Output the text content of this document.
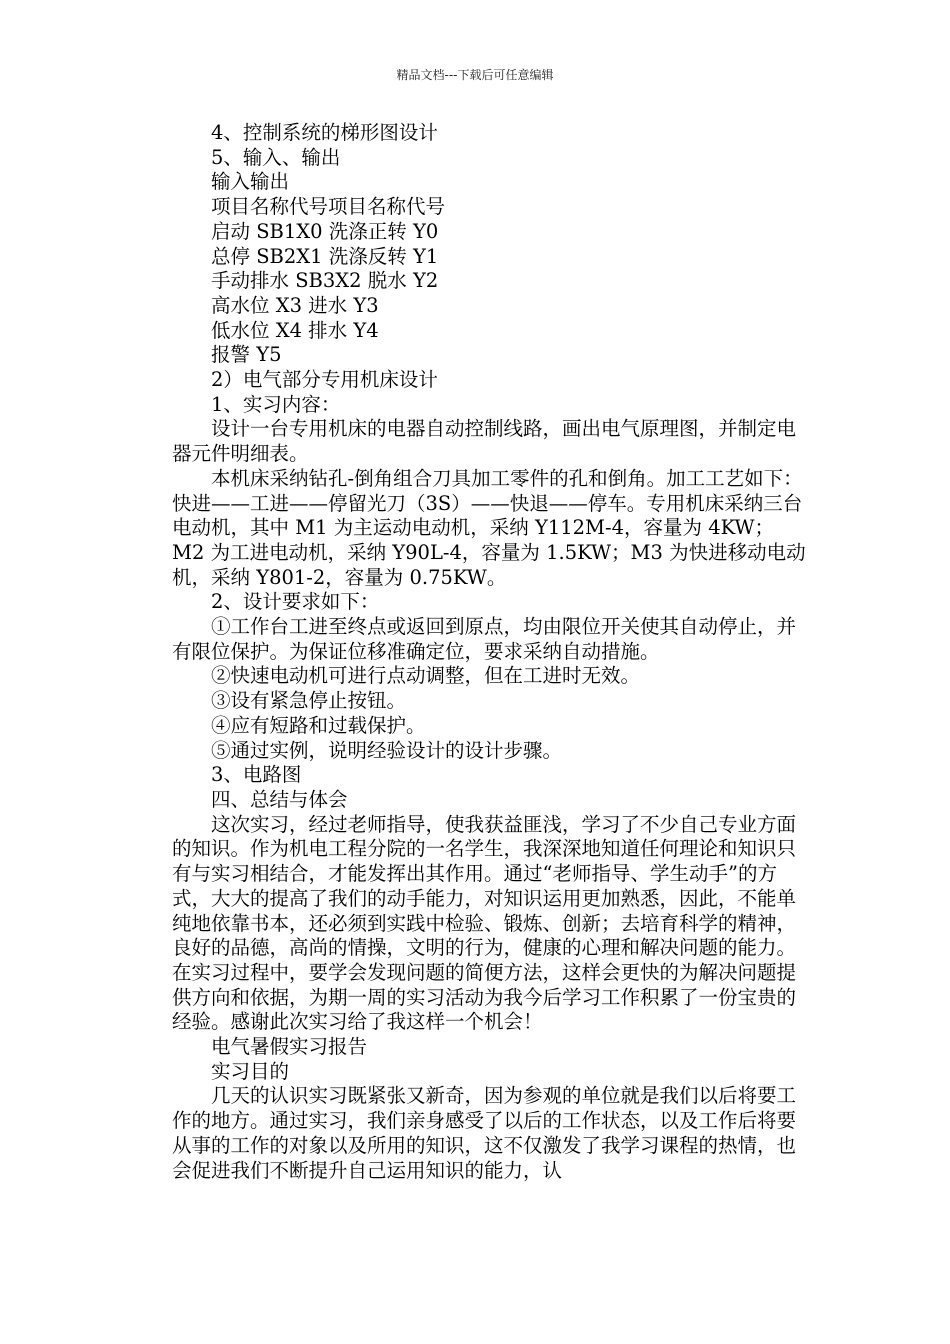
精品文档---下载后可任意编辑

4、控制系统的梯形图设计

5、输入、输出

输入输出

项目名称代号项目名称代号

启动 SB1X0 洗涤正转 Y0

总停 SB2X1 洗涤反转 Y1

手动排水 SB3X2 脱水 Y2

高水位 X3 进水 Y3

低水位 X4 排水 Y4

报警 Y5

2）电气部分专用机床设计

1、实习内容：

设计一台专用机床的电器自动控制线路，画出电气原理图，并制定电器元件明细表。

本机床采纳钻孔-倒角组合刀具加工零件的孔和倒角。加工工艺如下：快进——工进——停留光刀（3S）——快退——停车。专用机床采纳三台电动机，其中 M1 为主运动电动机，采纳 Y112M-4，容量为 4KW；M2 为工进电动机，采纳 Y90L-4，容量为 1.5KW；M3 为快进移动电动机，采纳 Y801-2，容量为 0.75KW。

2、设计要求如下：

①工作台工进至终点或返回到原点，均由限位开关使其自动停止，并有限位保护。为保证位移准确定位，要求采纳自动措施。

②快速电动机可进行点动调整，但在工进时无效。

③设有紧急停止按钮。

④应有短路和过载保护。

⑤通过实例，说明经验设计的设计步骤。

3、电路图

四、总结与体会

这次实习，经过老师指导，使我获益匪浅，学习了不少自己专业方面的知识。作为机电工程分院的一名学生，我深深地知道任何理论和知识只有与实习相结合，才能发挥出其作用。通过“老师指导、学生动手”的方式，大大的提高了我们的动手能力，对知识运用更加熟悉，因此，不能单纯地依靠书本，还必须到实践中检验、锻炼、创新；去培育科学的精神，良好的品德，高尚的情操，文明的行为，健康的心理和解决问题的能力。在实习过程中，要学会发现问题的简便方法，这样会更快的为解决问题提供方向和依据，为期一周的实习活动为我今后学习工作积累了一份宝贵的经验。感谢此次实习给了我这样一个机会！

电气暑假实习报告

实习目的

几天的认识实习既紧张又新奇，因为参观的单位就是我们以后将要工作的地方。通过实习，我们亲身感受了以后的工作状态，以及工作后将要从事的工作的对象以及所用的知识，这不仅激发了我学习课程的热情，也会促进我们不断提升自己运用知识的能力，认
